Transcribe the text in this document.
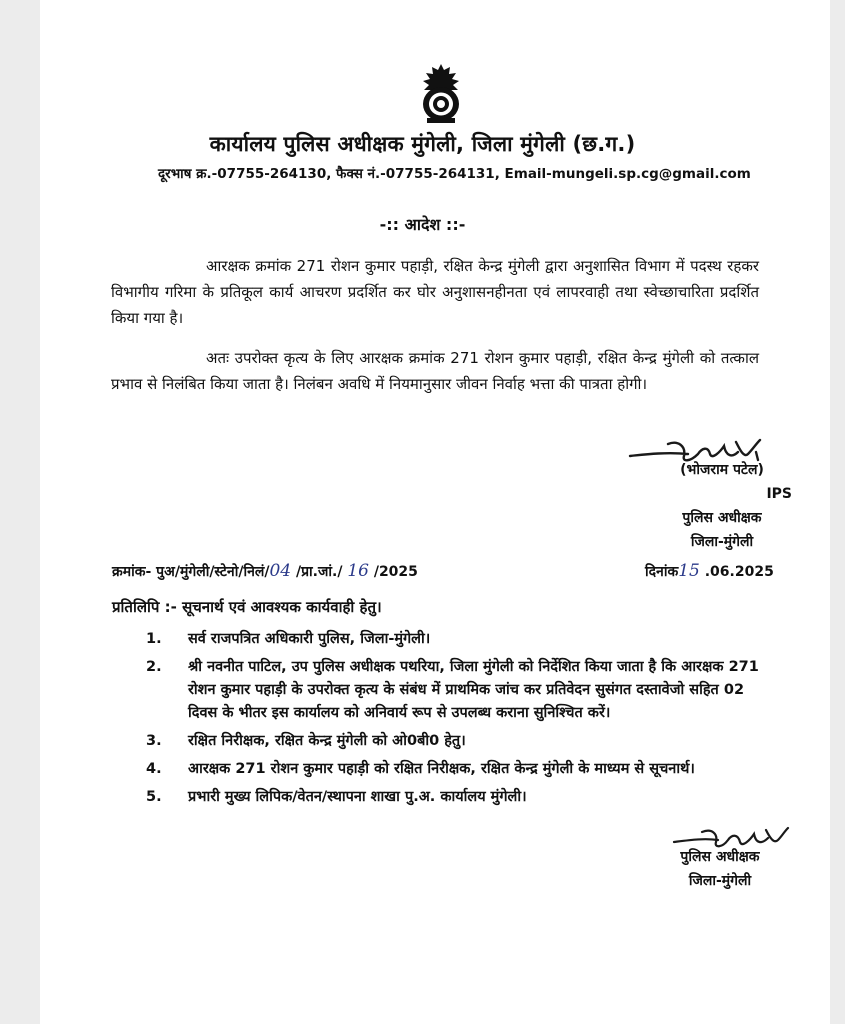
कार्यालय पुलिस अधीक्षक मुंगेली, जिला मुंगेली (छ.ग.)
दूरभाष क्र.-07755-264130, फैक्स नं.-07755-264131, Email-mungeli.sp.cg@gmail.com
-:: आदेश ::-
आरक्षक क्रमांक 271 रोशन कुमार पहाड़ी, रक्षित केन्द्र मुंगेली द्वारा अनुशासित विभाग में पदस्थ रहकर विभागीय गरिमा के प्रतिकूल कार्य आचरण प्रदर्शित कर घोर अनुशासनहीनता एवं लापरवाही तथा स्वेच्छाचारिता प्रदर्शित किया गया है।
अतः उपरोक्त कृत्य के लिए आरक्षक क्रमांक 271 रोशन कुमार पहाड़ी, रक्षित केन्द्र मुंगेली को तत्काल प्रभाव से निलंबित किया जाता है। निलंबन अवधि में नियमानुसार जीवन निर्वाह भत्ता की पात्रता होगी।
(भोजराम पटेल)
IPS
पुलिस अधीक्षक
जिला-मुंगेली
क्रमांक- पुअ/मुंगेली/स्टेनो/निलं/04 /प्रा.जां./ 16 /2025	दिनांक15 .06.2025
प्रतिलिपि :- सूचनार्थ एवं आवश्यक कार्यवाही हेतु।
1. सर्व राजपत्रित अधिकारी पुलिस, जिला-मुंगेली।
2. श्री नवनीत पाटिल, उप पुलिस अधीक्षक पथरिया, जिला मुंगेली को निर्देशित किया जाता है कि आरक्षक 271 रोशन कुमार पहाड़ी के उपरोक्त कृत्य के संबंध में प्राथमिक जांच कर प्रतिवेदन सुसंगत दस्तावेजो सहित 02 दिवस के भीतर इस कार्यालय को अनिवार्य रूप से उपलब्ध कराना सुनिश्चित करें।
3. रक्षित निरीक्षक, रक्षित केन्द्र मुंगेली को ओ0बी0 हेतु।
4. आरक्षक 271 रोशन कुमार पहाड़ी को रक्षित निरीक्षक, रक्षित केन्द्र मुंगेली के माध्यम से सूचनार्थ।
5. प्रभारी मुख्य लिपिक/वेतन/स्थापना शाखा पु.अ. कार्यालय मुंगेली।
पुलिस अधीक्षक
जिला-मुंगेली
